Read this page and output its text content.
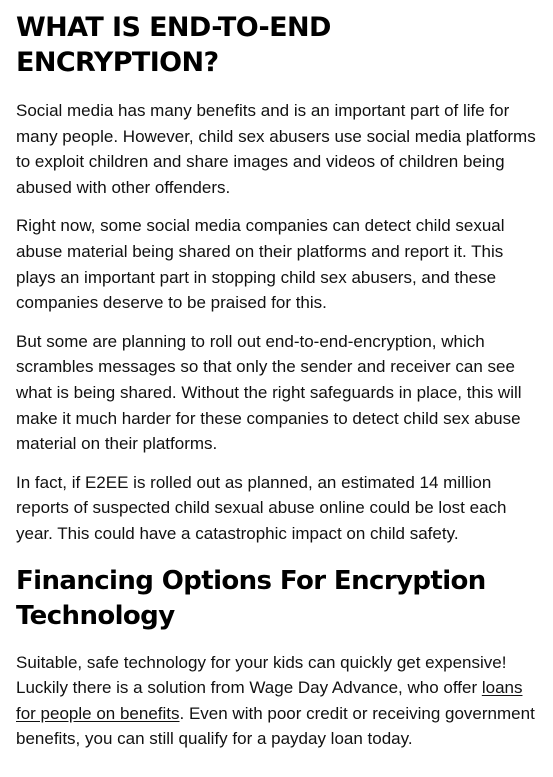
WHAT IS END-TO-END ENCRYPTION?

Social media has many benefits and is an important part of life for many people. However, child sex abusers use social media platforms to exploit children and share images and videos of children being abused with other offenders.

Right now, some social media companies can detect child sexual abuse material being shared on their platforms and report it. This plays an important part in stopping child sex abusers, and these companies deserve to be praised for this.

But some are planning to roll out end-to-end-encryption, which scrambles messages so that only the sender and receiver can see what is being shared. Without the right safeguards in place, this will make it much harder for these companies to detect child sex abuse material on their platforms.

In fact, if E2EE is rolled out as planned, an estimated 14 million reports of suspected child sexual abuse online could be lost each year. This could have a catastrophic impact on child safety.

Financing Options For Encryption Technology

Suitable, safe technology for your kids can quickly get expensive! Luckily there is a solution from Wage Day Advance, who offer loans for people on benefits. Even with poor credit or receiving government benefits, you can still qualify for a payday loan today.
